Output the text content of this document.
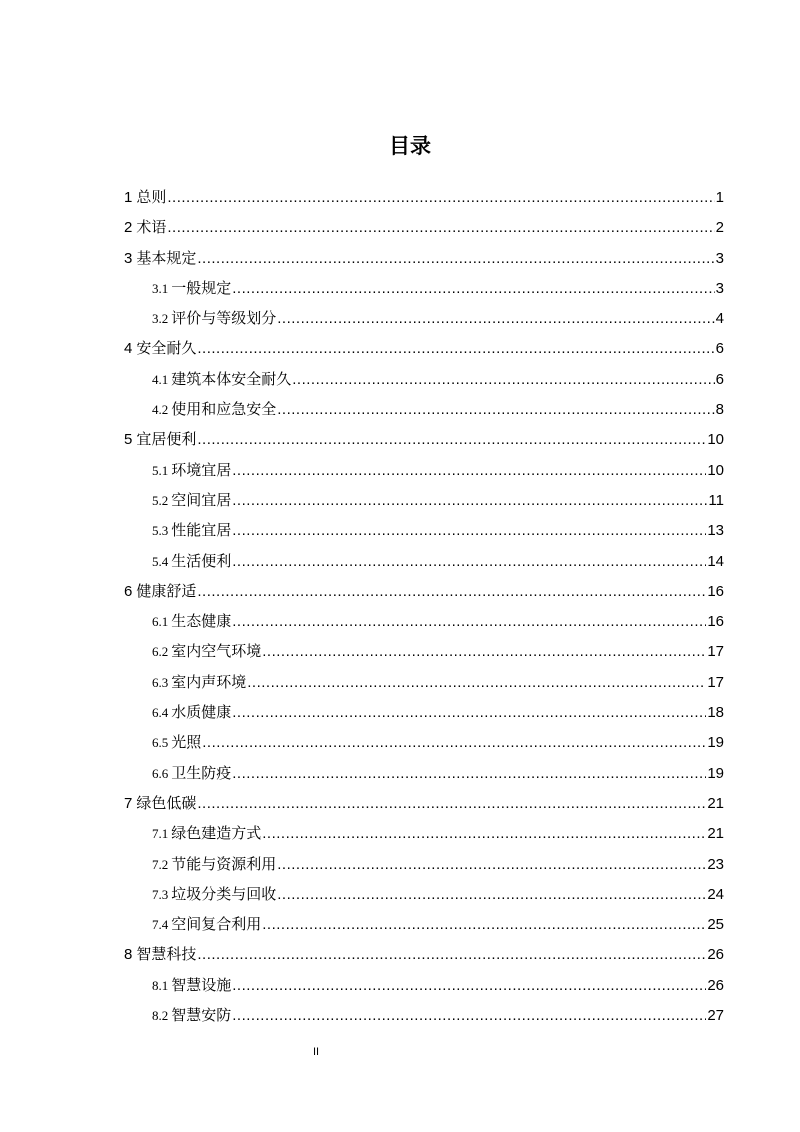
目录
1 总则 .....	1
2 术语 .....	2
3 基本规定 .....	3
3.1 一般规定 .....	3
3.2 评价与等级划分 .....	4
4 安全耐久 .....	6
4.1 建筑本体安全耐久 .....	6
4.2 使用和应急安全 .....	8
5 宜居便利 .....	10
5.1 环境宜居 .....	10
5.2 空间宜居 .....	11
5.3 性能宜居 .....	13
5.4 生活便利 .....	14
6 健康舒适 .....	16
6.1 生态健康 .....	16
6.2 室内空气环境 .....	17
6.3 室内声环境 .....	17
6.4 水质健康 .....	18
6.5 光照 .....	19
6.6 卫生防疫 .....	19
7 绿色低碳 .....	21
7.1 绿色建造方式 .....	21
7.2 节能与资源利用 .....	23
7.3 垃圾分类与回收 .....	24
7.4 空间复合利用 .....	25
8 智慧科技 .....	26
8.1 智慧设施 .....	26
8.2 智慧安防 .....	27
II
